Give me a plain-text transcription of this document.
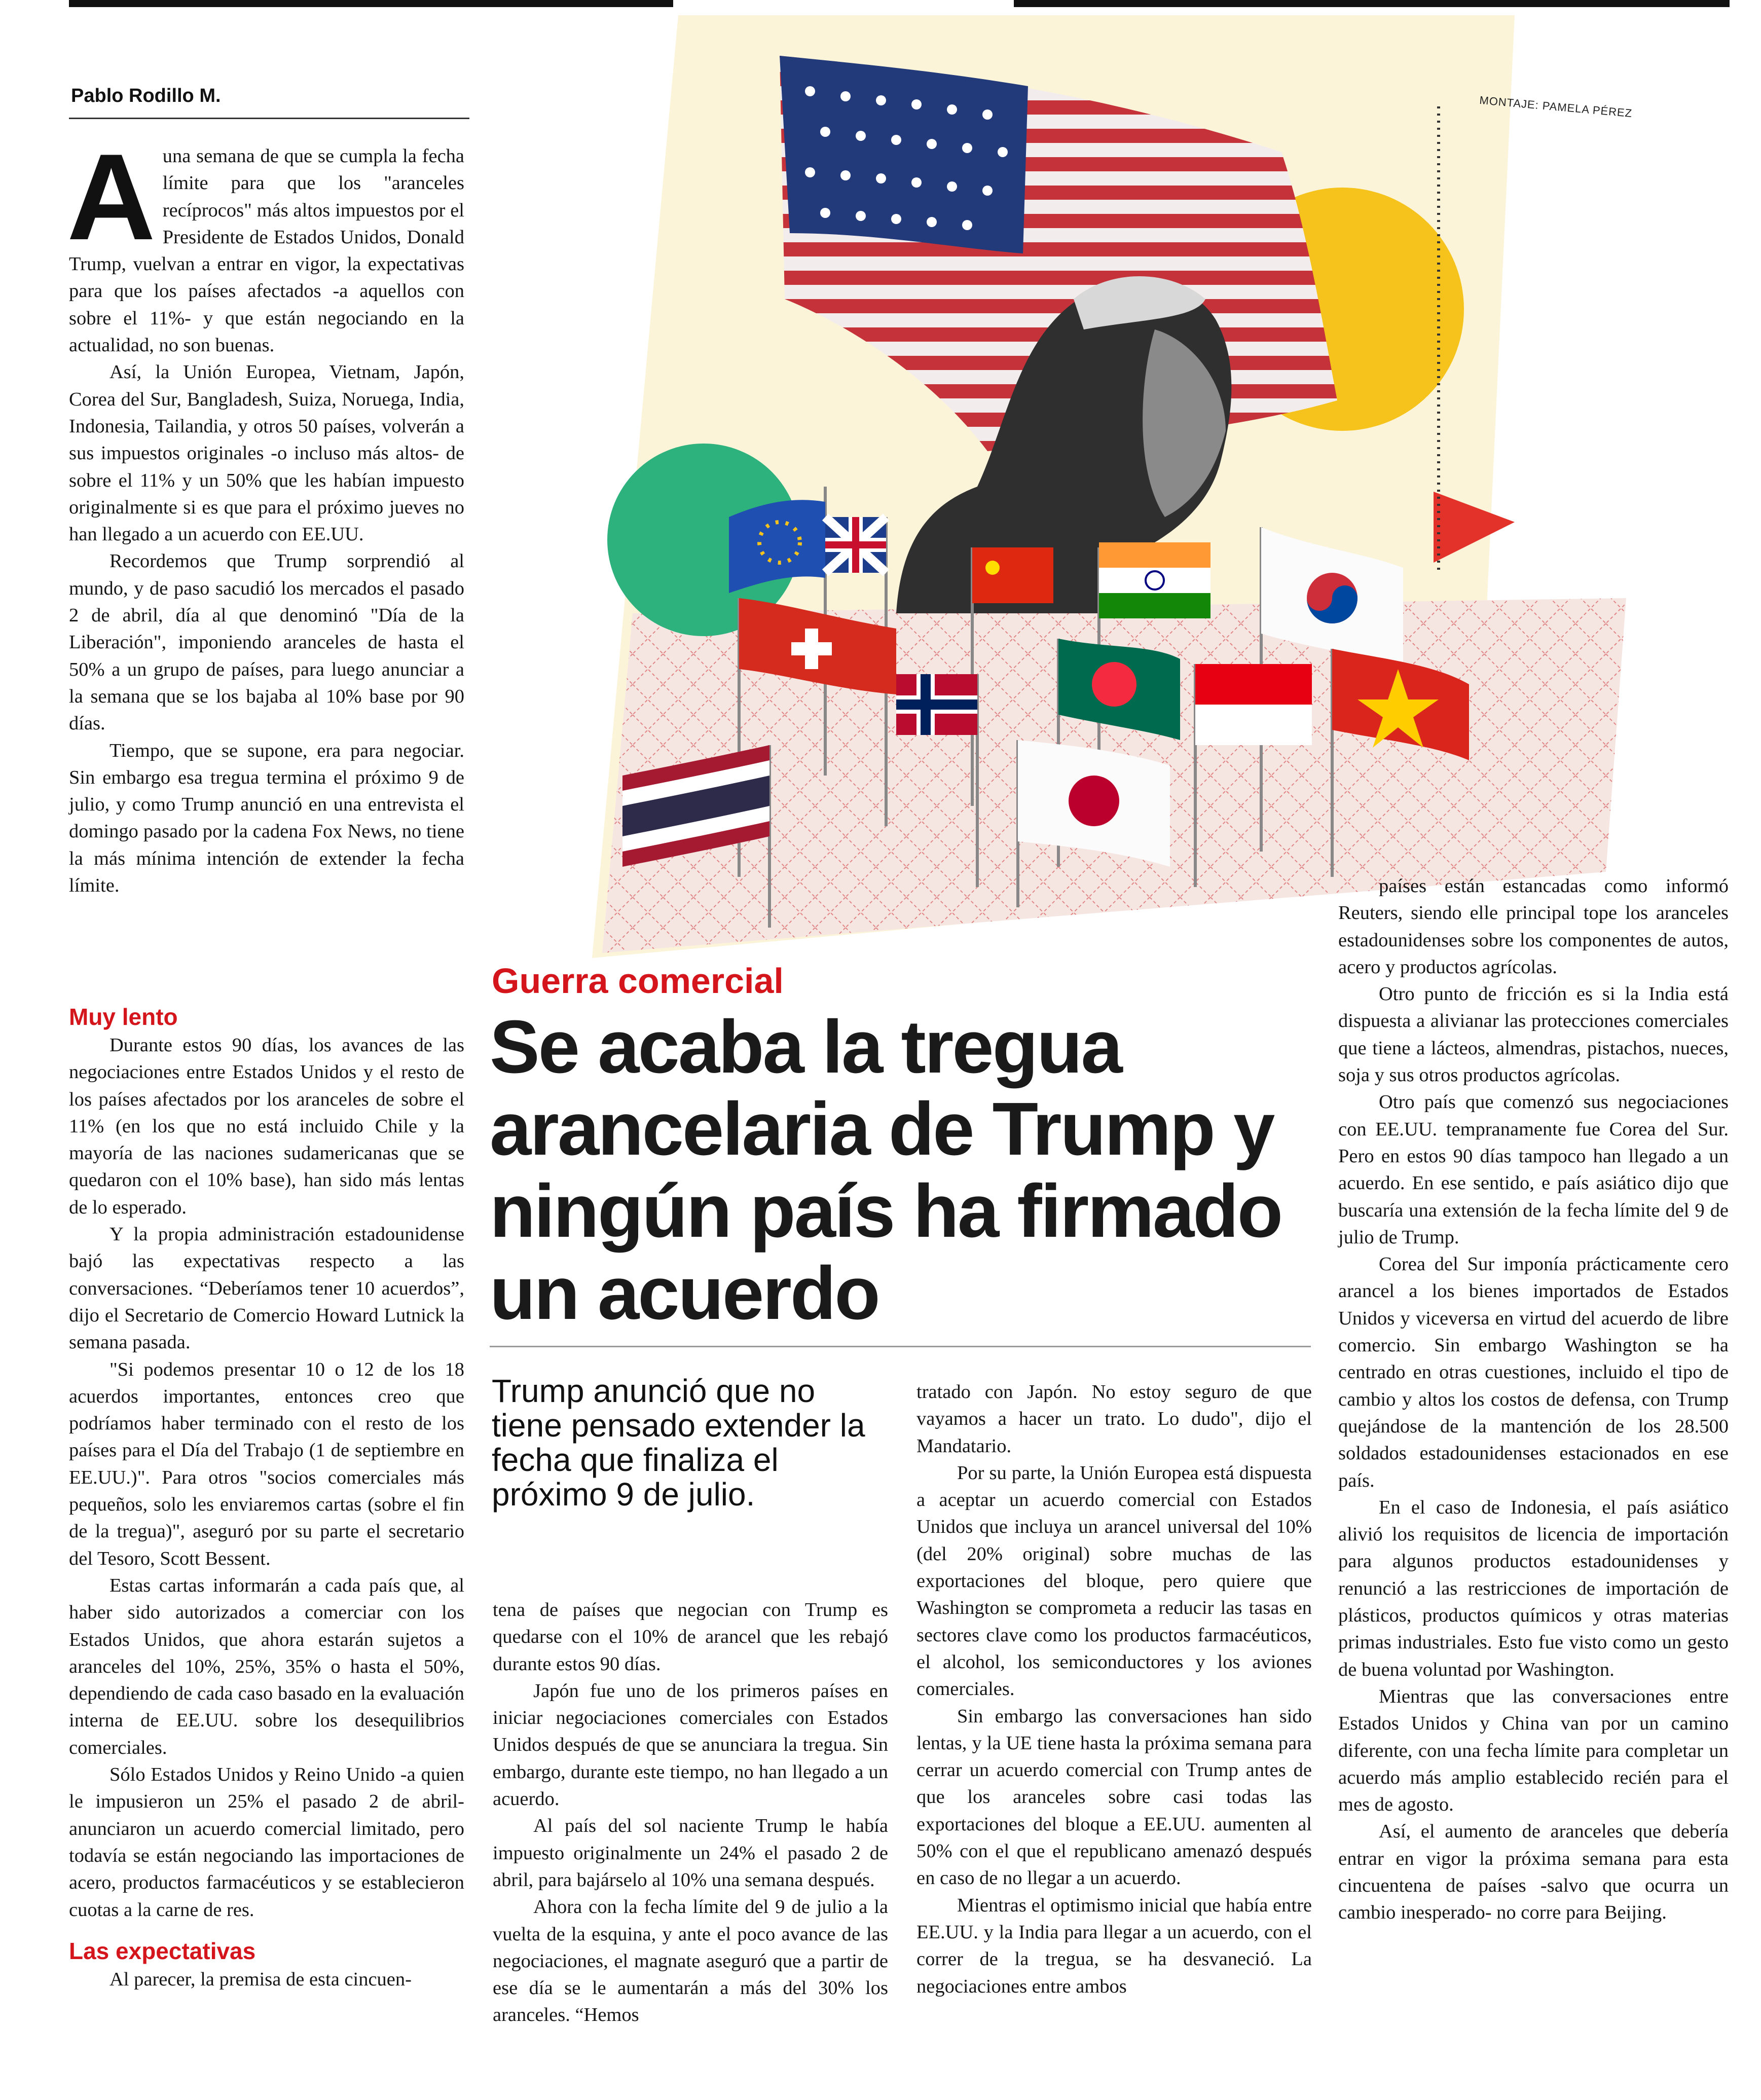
Pablo Rodillo M.	MONTAJE: PAMELA PÉREZ

Auna semana de que se cumpla la fecha límite para que los "aranceles recíprocos" más altos impuestos por el Presidente de Estados Unidos, Donald Trump, vuelvan a entrar en vigor, la expectativas para que los países afectados -a aquellos con sobre el 11%- y que están negociando en la actualidad, no son buenas.

Así, la Unión Europea, Vietnam, Japón, Corea del Sur, Bangladesh, Suiza, Noruega, India, Indonesia, Tailandia, y otros 50 países, volverán a sus impuestos originales -o incluso más altos- de sobre el 11% y un 50% que les habían impuesto originalmente si es que para el próximo jueves no han llegado a un acuerdo con EE.UU.

Recordemos que Trump sorprendió al mundo, y de paso sacudió los mercados el pasado 2 de abril, día al que denominó "Día de la Liberación", imponiendo aranceles de hasta el 50% a un grupo de países, para luego anunciar a la semana que se los bajaba al 10% base por 90 días.

Tiempo, que se supone, era para negociar. Sin embargo esa tregua termina el próximo 9 de julio, y como Trump anunció en una entrevista el domingo pasado por la cadena Fox News, no tiene la más mínima intención de extender la fecha límite.

Muy lento

Durante estos 90 días, los avances de las negociaciones entre Estados Unidos y el resto de los países afectados por los aranceles de sobre el 11% (en los que no está incluido Chile y la mayoría de las naciones sudamericanas que se quedaron con el 10% base), han sido más lentas de lo esperado.

Y la propia administración estadounidense bajó las expectativas respecto a las conversaciones. “Deberíamos tener 10 acuerdos”, dijo el Secretario de Comercio Howard Lutnick la semana pasada.

"Si podemos presentar 10 o 12 de los 18 acuerdos importantes, entonces creo que podríamos haber terminado con el resto de los países para el Día del Trabajo (1 de septiembre en EE.UU.)". Para otros "socios comerciales más pequeños, solo les enviaremos cartas (sobre el fin de la tregua)", aseguró por su parte el secretario del Tesoro, Scott Bessent.

Estas cartas informarán a cada país que, al haber sido autorizados a comerciar con los Estados Unidos, que ahora estarán sujetos a aranceles del 10%, 25%, 35% o hasta el 50%, dependiendo de cada caso basado en la evaluación interna de EE.UU. sobre los desequilibrios comerciales.

Sólo Estados Unidos y Reino Unido -a quien le impusieron un 25% el pasado 2 de abril- anunciaron un acuerdo comercial limitado, pero todavía se están negociando las importaciones de acero, productos farmacéuticos y se establecieron cuotas a la carne de res.

Las expectativas

Al parecer, la premisa de esta cincuen-

Guerra comercial
Se acaba la tregua arancelaria de Trump y ningún país ha firmado un acuerdo
Trump anunció que no tiene pensado extender la fecha que finaliza el próximo 9 de julio.

tena de países que negocian con Trump es quedarse con el 10% de arancel que les rebajó durante estos 90 días.

Japón fue uno de los primeros países en iniciar negociaciones comerciales con Estados Unidos después de que se anunciara la tregua. Sin embargo, durante este tiempo, no han llegado a un acuerdo.

Al país del sol naciente Trump le había impuesto originalmente un 24% el pasado 2 de abril, para bajárselo al 10% una semana después.

Ahora con la fecha límite del 9 de julio a la vuelta de la esquina, y ante el poco avance de las negociaciones, el magnate aseguró que a partir de ese día se le aumentarán a más del 30% los aranceles. “Hemos

tratado con Japón. No estoy seguro de que vayamos a hacer un trato. Lo dudo", dijo el Mandatario.

Por su parte, la Unión Europea está dispuesta a aceptar un acuerdo comercial con Estados Unidos que incluya un arancel universal del 10% (del 20% original) sobre muchas de las exportaciones del bloque, pero quiere que Washington se comprometa a reducir las tasas en sectores clave como los productos farmacéuticos, el alcohol, los semiconductores y los aviones comerciales.

Sin embargo las conversaciones han sido lentas, y la UE tiene hasta la próxima semana para cerrar un acuerdo comercial con Trump antes de que los aranceles sobre casi todas las exportaciones del bloque a EE.UU. aumenten al 50% con el que el republicano amenazó después en caso de no llegar a un acuerdo.

Mientras el optimismo inicial que había entre EE.UU. y la India para llegar a un acuerdo, con el correr de la tregua, se ha desvaneció. La negociaciones entre ambos

países están estancadas como informó Reuters, siendo elle principal tope los aranceles estadounidenses sobre los componentes de autos, acero y productos agrícolas.

Otro punto de fricción es si la India está dispuesta a alivianar las protecciones comerciales que tiene a lácteos, almendras, pistachos, nueces, soja y sus otros productos agrícolas.

Otro país que comenzó sus negociaciones con EE.UU. tempranamente fue Corea del Sur. Pero en estos 90 días tampoco han llegado a un acuerdo. En ese sentido, e país asiático dijo que buscaría una extensión de la fecha límite del 9 de julio de Trump.

Corea del Sur imponía prácticamente cero arancel a los bienes importados de Estados Unidos y viceversa en virtud del acuerdo de libre comercio. Sin embargo Washington se ha centrado en otras cuestiones, incluido el tipo de cambio y altos los costos de defensa, con Trump quejándose de la mantención de los 28.500 soldados estadounidenses estacionados en ese país.

En el caso de Indonesia, el país asiático alivió los requisitos de licencia de importación para algunos productos estadounidenses y renunció a las restricciones de importación de plásticos, productos químicos y otras materias primas industriales. Esto fue visto como un gesto de buena voluntad por Washington.

Mientras que las conversaciones entre Estados Unidos y China van por un camino diferente, con una fecha límite para completar un acuerdo más amplio establecido recién para el mes de agosto.

Así, el aumento de aranceles que debería entrar en vigor la próxima semana para esta cincuentena de países -salvo que ocurra un cambio inesperado- no corre para Beijing.
